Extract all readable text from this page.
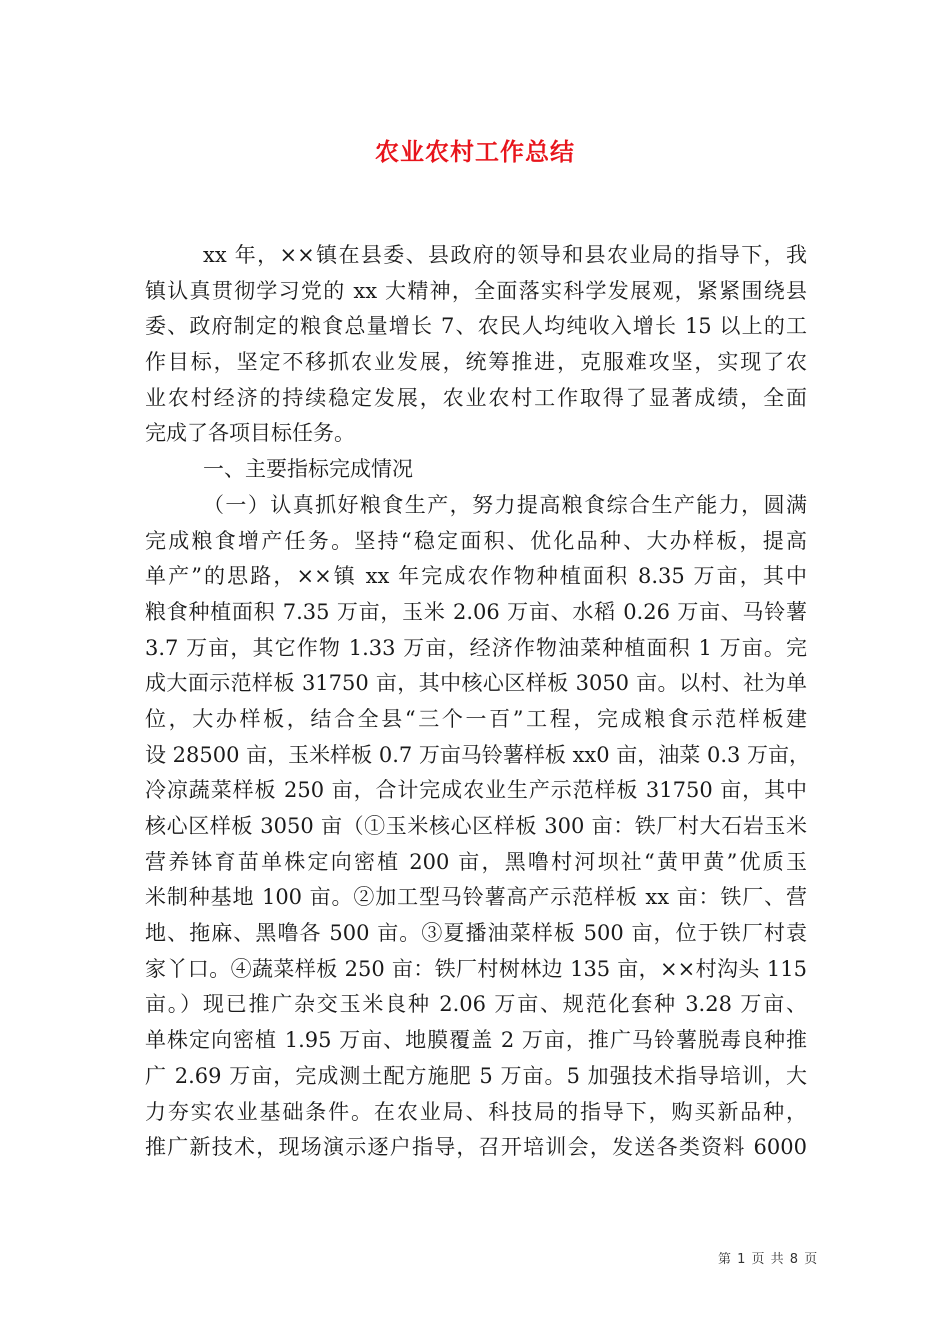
农业农村工作总结
xx 年，××镇在县委、县政府的领导和县农业局的指导下，我
镇认真贯彻学习党的 xx 大精神，全面落实科学发展观，紧紧围绕县
委、政府制定的粮食总量增长 7、农民人均纯收入增长 15 以上的工
作目标，坚定不移抓农业发展，统筹推进，克服难攻坚，实现了农
业农村经济的持续稳定发展，农业农村工作取得了显著成绩，全面
完成了各项目标任务。
一、主要指标完成情况
（一）认真抓好粮食生产，努力提高粮食综合生产能力，圆满
完成粮食增产任务。坚持“稳定面积、优化品种、大办样板，提高
单产”的思路，××镇 xx 年完成农作物种植面积 8.35 万亩，其中
粮食种植面积 7.35 万亩，玉米 2.06 万亩、水稻 0.26 万亩、马铃薯
3.7 万亩，其它作物 1.33 万亩，经济作物油菜种植面积 1 万亩。完
成大面示范样板 31750 亩，其中核心区样板 3050 亩。以村、社为单
位，大办样板，结合全县“三个一百”工程，完成粮食示范样板建
设 28500 亩，玉米样板 0.7 万亩马铃薯样板 xx0 亩，油菜 0.3 万亩，
冷凉蔬菜样板 250 亩，合计完成农业生产示范样板 31750 亩，其中
核心区样板 3050 亩（①玉米核心区样板 300 亩：铁厂村大石岩玉米
营养钵育苗单株定向密植 200 亩，黑噜村河坝社“黄甲黄”优质玉
米制种基地 100 亩。②加工型马铃薯高产示范样板 xx 亩：铁厂、营
地、拖麻、黑噜各 500 亩。③夏播油菜样板 500 亩，位于铁厂村袁
家丫口。④蔬菜样板 250 亩：铁厂村树林边 135 亩，××村沟头 115
亩。）现已推广杂交玉米良种 2.06 万亩、规范化套种 3.28 万亩、
单株定向密植 1.95 万亩、地膜覆盖 2 万亩，推广马铃薯脱毒良种推
广 2.69 万亩，完成测土配方施肥 5 万亩。5 加强技术指导培训，大
力夯实农业基础条件。在农业局、科技局的指导下，购买新品种，
推广新技术，现场演示逐户指导，召开培训会，发送各类资料 6000
第 1 页 共 8 页
